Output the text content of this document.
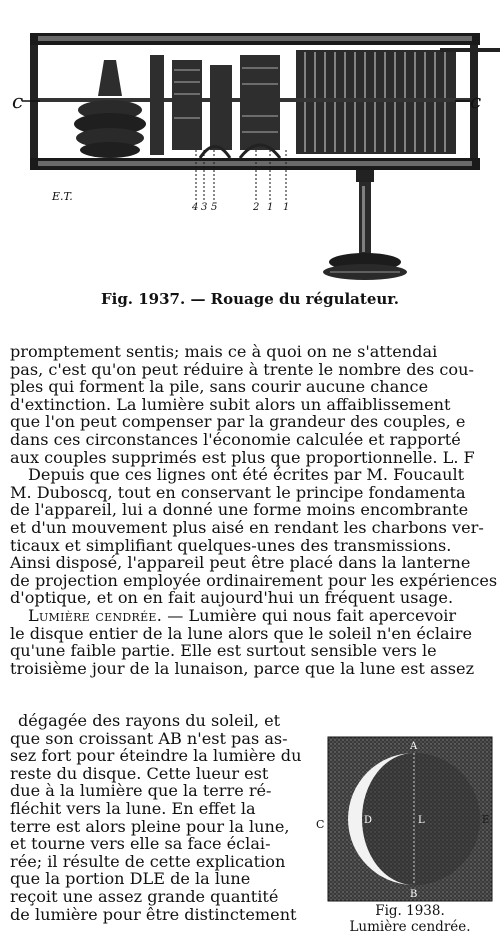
c	c
4 3 5	2 1 1
E.T.
Fig. 1937. — Rouage du régulateur.
promptement sentis; mais ce à quoi on ne s'attendai
pas, c'est qu'on peut réduire à trente le nombre des cou-
ples qui forment la pile, sans courir aucune chance
d'extinction. La lumière subit alors un affaiblissement
que l'on peut compenser par la grandeur des couples, e
dans ces circonstances l'économie calculée et rapporté
aux couples supprimés est plus que proportionnelle. L. F
Depuis que ces lignes ont été écrites par M. Foucault
M. Duboscq, tout en conservant le principe fondamenta
de l'appareil, lui a donné une forme moins encombrante
et d'un mouvement plus aisé en rendant les charbons ver-
ticaux et simplifiant quelques-unes des transmissions.
Ainsi disposé, l'appareil peut être placé dans la lanterne
de projection employée ordinairement pour les expériences
d'optique, et on en fait aujourd'hui un fréquent usage.
Lumière cendrée. — Lumière qui nous fait apercevoir
le disque entier de la lune alors que le soleil n'en éclaire
qu'une faible partie. Elle est surtout sensible vers le
troisième jour de la lunaison, parce que la lune est assez
dégagée des rayons du soleil, et
que son croissant AB n'est pas as-
sez fort pour éteindre la lumière du
reste du disque. Cette lueur est
due à la lumière que la terre ré-
fléchit vers la lune. En effet la
terre est alors pleine pour la lune,
et tourne vers elle sa face éclai-
rée; il résulte de cette explication
que la portion DLE de la lune
reçoit une assez grande quantité
de lumière pour être distinctement
A
B
D	L	E
C
Fig. 1938.
Lumière cendrée.
